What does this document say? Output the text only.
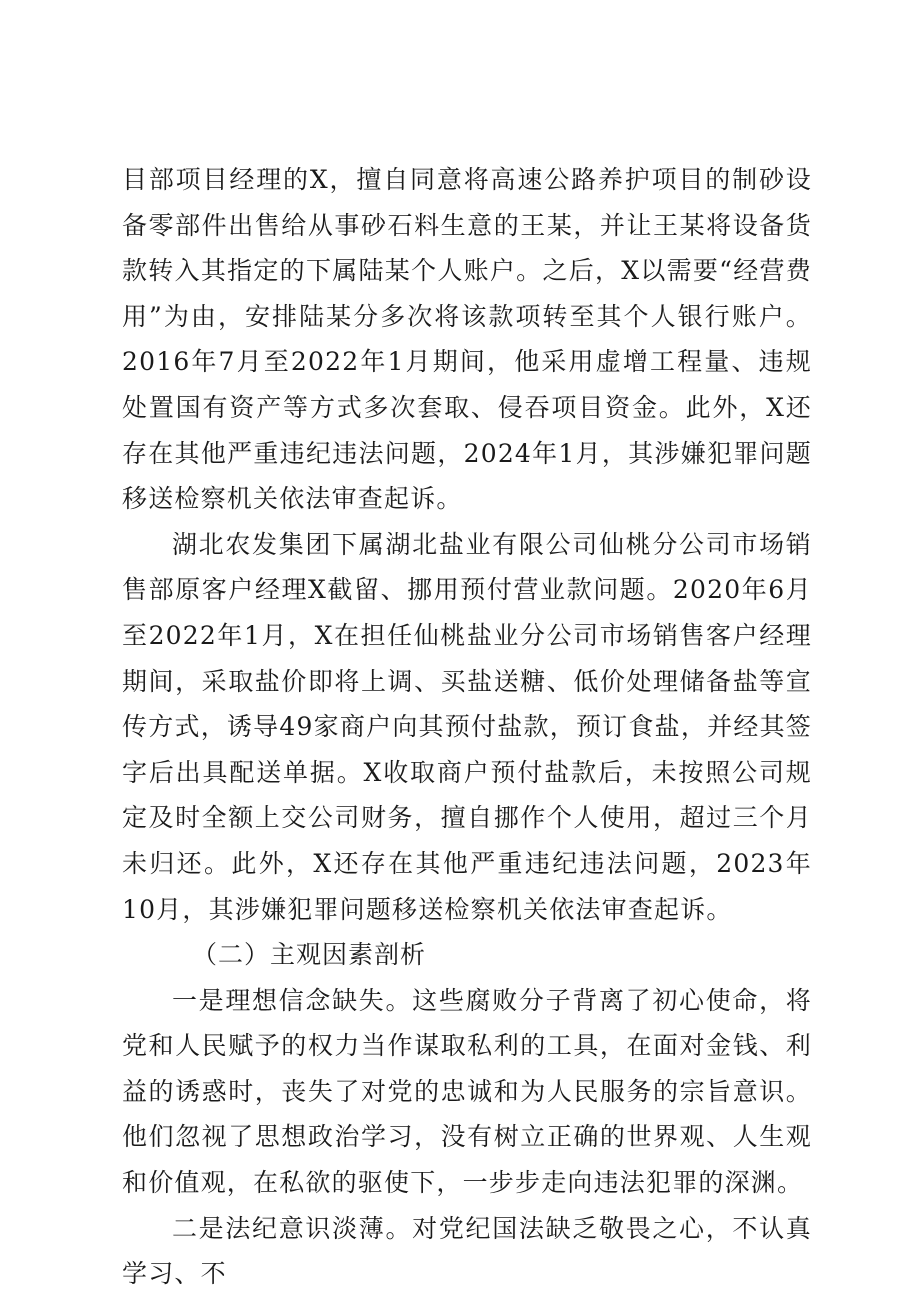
目部项目经理的X，擅自同意将高速公路养护项目的制砂设备零部件出售给从事砂石料生意的王某，并让王某将设备货款转入其指定的下属陆某个人账户。之后，X以需要“经营费用”为由，安排陆某分多次将该款项转至其个人银行账户。2016年7月至2022年1月期间，他采用虚增工程量、违规处置国有资产等方式多次套取、侵吞项目资金。此外，X还存在其他严重违纪违法问题，2024年1月，其涉嫌犯罪问题移送检察机关依法审查起诉。

湖北农发集团下属湖北盐业有限公司仙桃分公司市场销售部原客户经理X截留、挪用预付营业款问题。2020年6月至2022年1月，X在担任仙桃盐业分公司市场销售客户经理期间，采取盐价即将上调、买盐送糖、低价处理储备盐等宣传方式，诱导49家商户向其预付盐款，预订食盐，并经其签字后出具配送单据。X收取商户预付盐款后，未按照公司规定及时全额上交公司财务，擅自挪作个人使用，超过三个月未归还。此外，X还存在其他严重违纪违法问题，2023年10月，其涉嫌犯罪问题移送检察机关依法审查起诉。

（二）主观因素剖析

一是理想信念缺失。这些腐败分子背离了初心使命，将党和人民赋予的权力当作谋取私利的工具，在面对金钱、利益的诱惑时，丧失了对党的忠诚和为人民服务的宗旨意识。他们忽视了思想政治学习，没有树立正确的世界观、人生观和价值观，在私欲的驱使下，一步步走向违法犯罪的深渊。

二是法纪意识淡薄。对党纪国法缺乏敬畏之心，不认真学习、不
